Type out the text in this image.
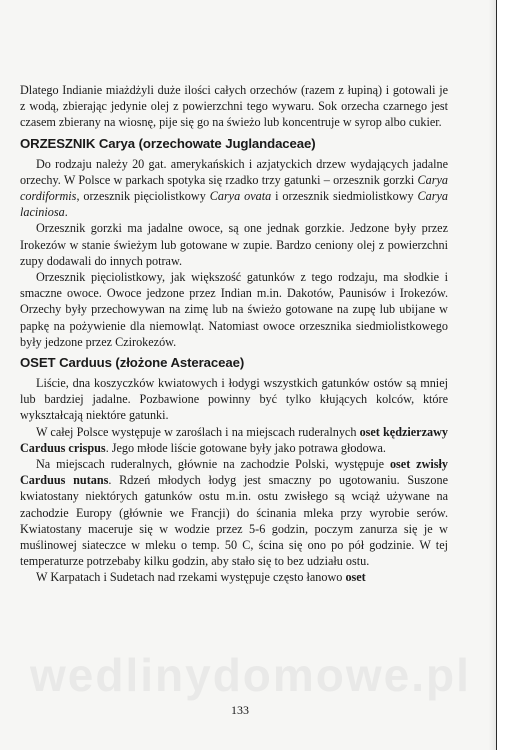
Dlatego Indianie miażdżyli duże ilości całych orzechów (razem z łupiną) i gotowali je z wodą, zbierając jedynie olej z powierzchni tego wywaru. Sok orzecha czarnego jest czasem zbierany na wiosnę, pije się go na świeżo lub koncentruje w syrop albo cukier.

ORZESZNIK Carya (orzechowate Juglandaceae)

Do rodzaju należy 20 gat. amerykańskich i azjatyckich drzew wydających jadalne orzechy. W Polsce w parkach spotyka się rzadko trzy gatunki – orzesznik gorzki Carya cordiformis, orzesznik pięciolistkowy Carya ovata i orzesznik siedmiolistkowy Carya laciniosa.

Orzesznik gorzki ma jadalne owoce, są one jednak gorzkie. Jedzone były przez Irokezów w stanie świeżym lub gotowane w zupie. Bardzo ceniony olej z powierzchni zupy dodawali do innych potraw.

Orzesznik pięciolistkowy, jak większość gatunków z tego rodzaju, ma słodkie i smaczne owoce. Owoce jedzone przez Indian m.in. Dakotów, Paunisów i Irokezów. Orzechy były przechowywan na zimę lub na świeżo gotowane na zupę lub ubijane w papkę na pożywienie dla niemowląt. Natomiast owoce orzesznika siedmiolistkowego były jedzone przez Czirokezów.

OSET Carduus (złożone Asteraceae)

Liście, dna koszyczków kwiatowych i łodygi wszystkich gatunków ostów są mniej lub bardziej jadalne. Pozbawione powinny być tylko kłujących kolców, które wykształcają niektóre gatunki.

W całej Polsce występuje w zaroślach i na miejscach ruderalnych oset kędzierzawy Carduus crispus. Jego młode liście gotowane były jako potrawa głodowa.

Na miejscach ruderalnych, głównie na zachodzie Polski, występuje oset zwisły Carduus nutans. Rdzeń młodych łodyg jest smaczny po ugotowaniu. Suszone kwiatostany niektórych gatunków ostu m.in. ostu zwisłego są wciąż używane na zachodzie Europy (głównie we Francji) do ścinania mleka przy wyrobie serów. Kwiatostany maceruje się w wodzie przez 5-6 godzin, poczym zanurza się je w muślinowej siateczce w mleku o temp. 50 C, ścina się ono po pół godzinie. W tej temperaturze potrzebaby kilku godzin, aby stało się to bez udziału ostu.

W Karpatach i Sudetach nad rzekami występuje często łanowo oset

wedlinydomowe.pl
133
